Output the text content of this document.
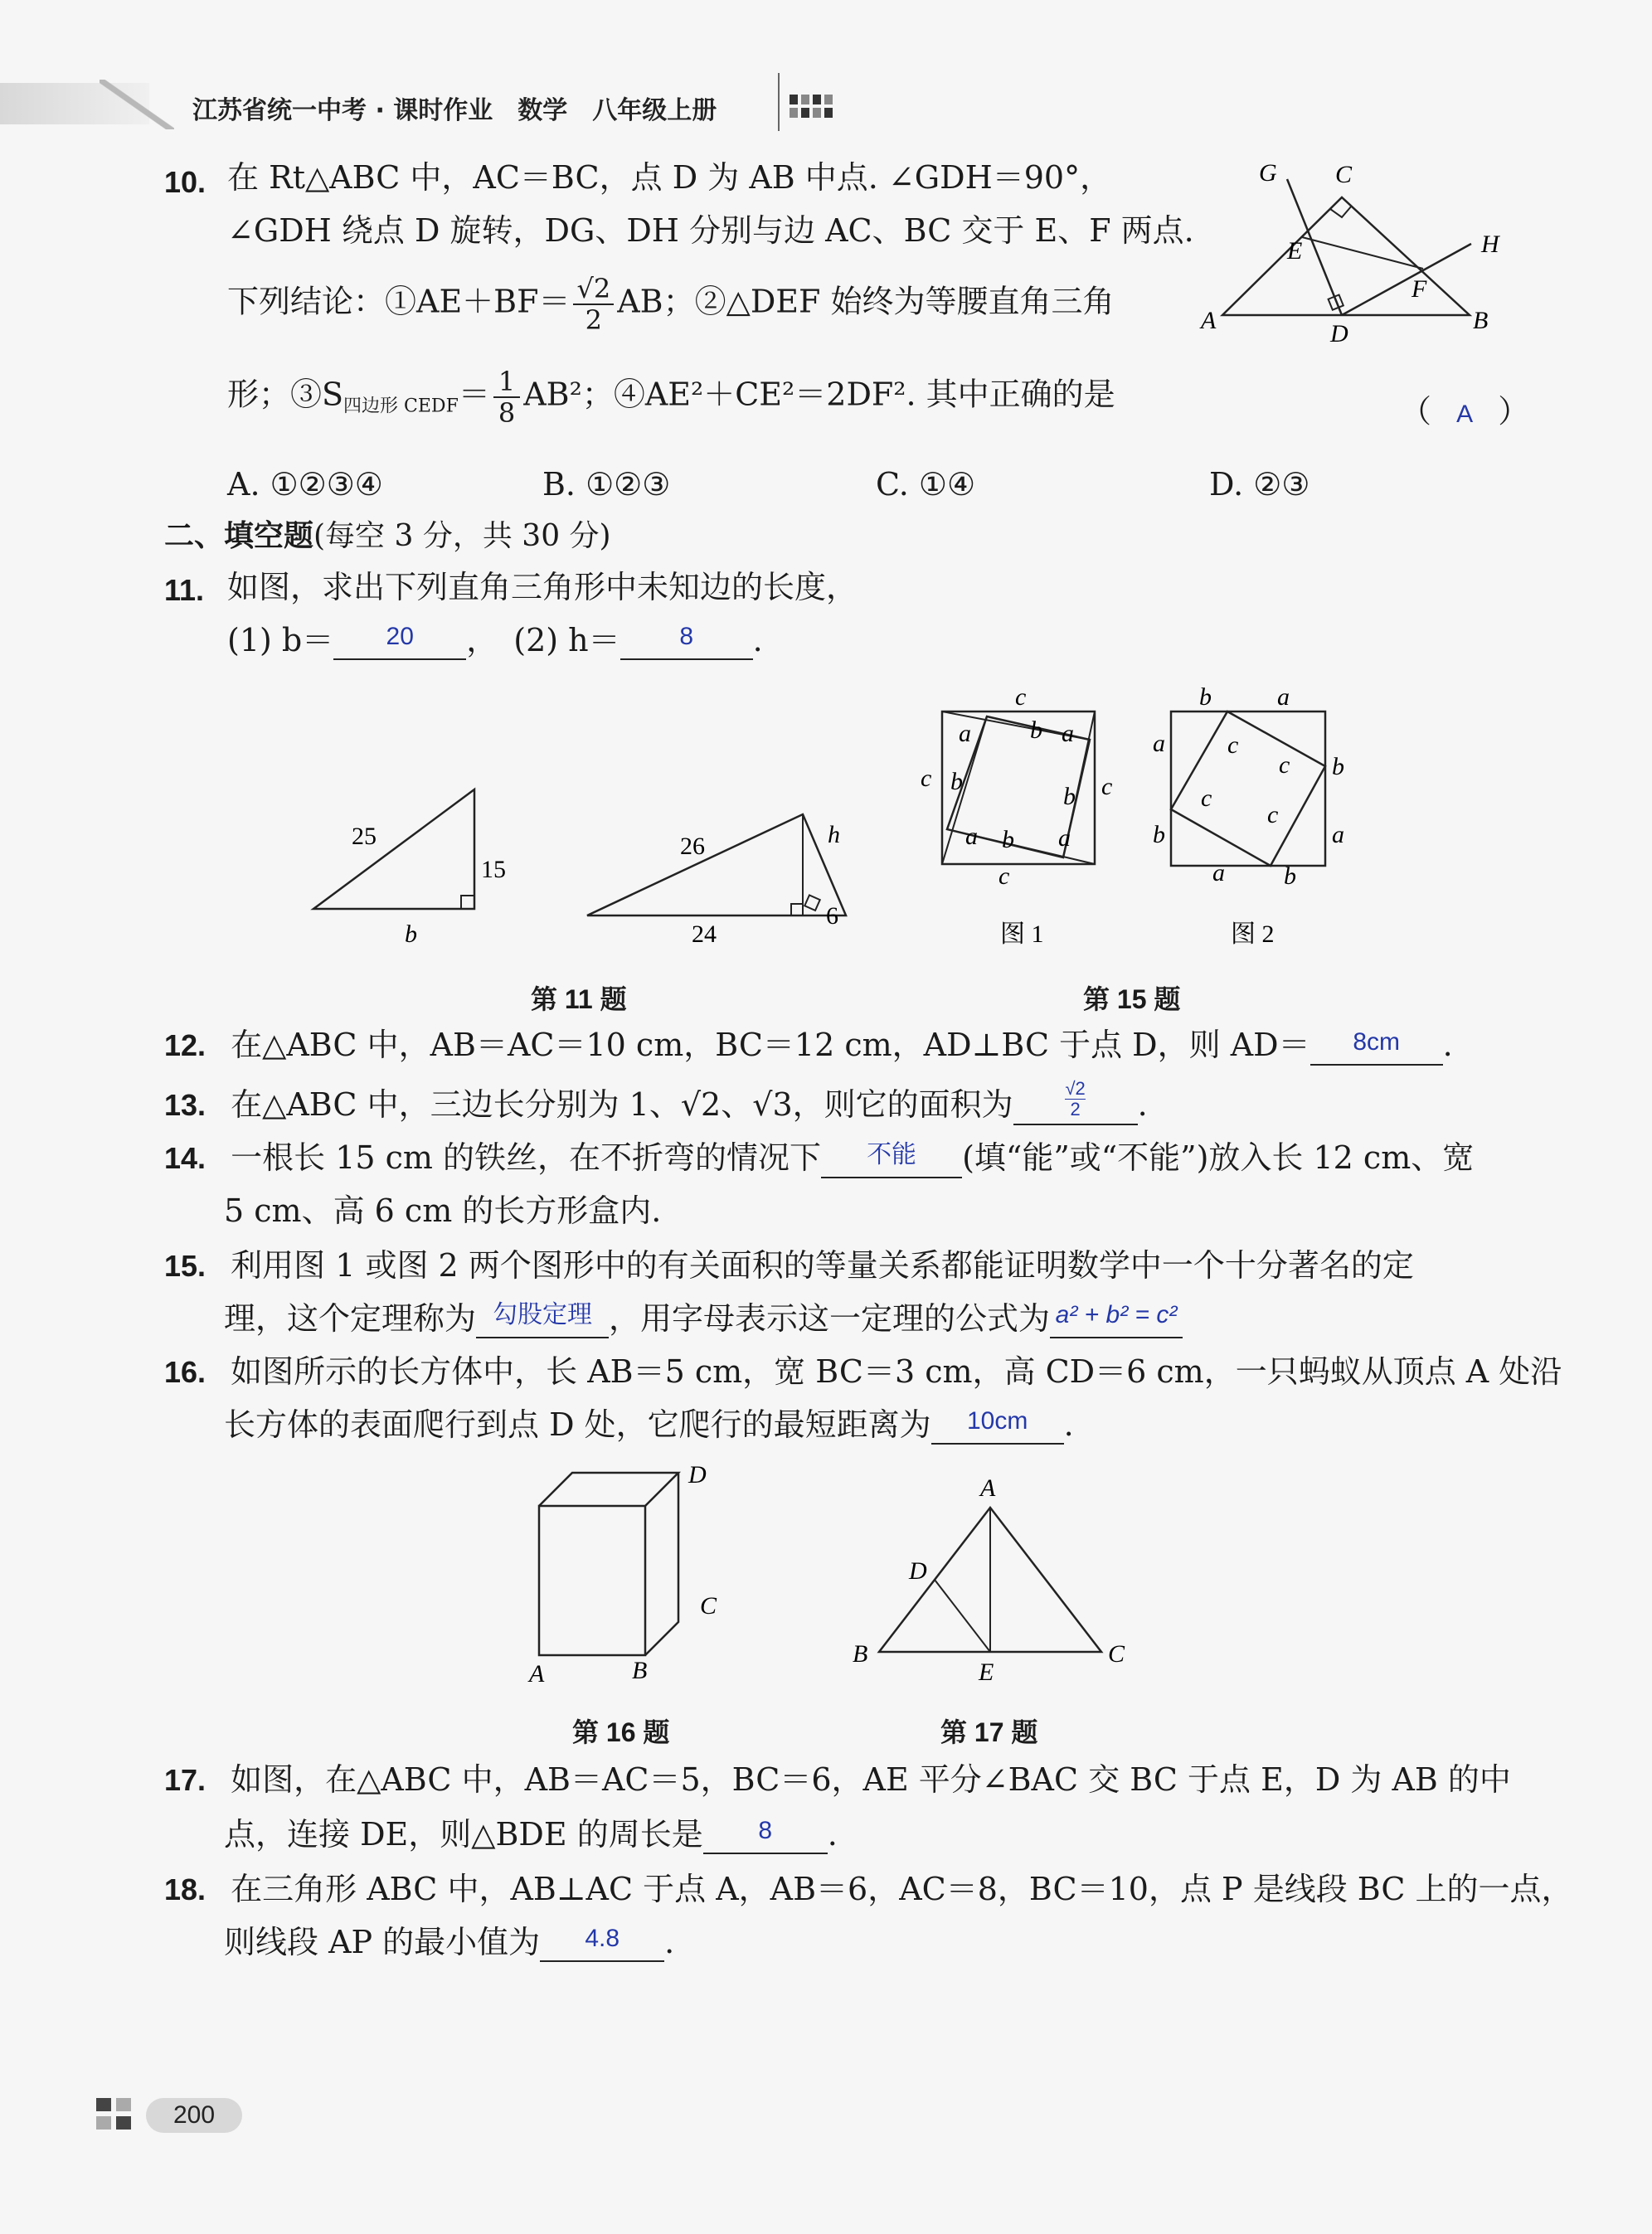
江苏省统一中考 · 课时作业　数学　八年级上册
10. 在 Rt△ABC 中，AC＝BC，点 D 为 AB 中点. ∠GDH＝90°，
∠GDH 绕点 D 旋转，DG、DH 分别与边 AC、BC 交于 E、F 两点.
下列结论：①AE＋BF＝ $\frac{√2}{2}$ AB；②△DEF 始终为等腰直角三角
形；$③S_{四边形 CEDF}= \frac{1}{8} AB^2$；④AE²＋CE²＝2DF². 其中正确的是	（ A ）
A. ①②③④	B. ①②③	C. ①④	D. ②③
G C
H
E
F
A	D	B
二、填空题(每空 3 分，共 30 分)
11. 如图，求出下列直角三角形中未知边的长度，
(1) b＝	20	，　 (2) h＝	8	.
25
15
b
26	h
6
24
第 11 题
c
c	c
c
a b a
b
b
a b a
图 1
b	a
a
b
b
a
b
a
c
c
c
c
图 2
第 15 题
12. 在△ABC 中，AB＝AC＝10 cm，BC＝12 cm，AD⊥BC 于点 D，则 AD＝	8cm	.
13. 在△ABC 中，三边长分别为 1、√2、√3，则它的面积为 $\frac{√2}{2}$ .
14. 一根长 15 cm 的铁丝，在不折弯的情况下	不能	(填“能”或“不能”)放入长 12 cm、宽
5 cm、高 6 cm 的长方形盒内.
15. 利用图 1 或图 2 两个图形中的有关面积的等量关系都能证明数学中一个十分著名的定
理，这个定理称为 勾股定理 ，用字母表示这一定理的公式为 a² + b² = c²
16. 如图所示的长方体中，长 AB＝5 cm，宽 BC＝3 cm，高 CD＝6 cm，一只蚂蚁从顶点 A 处沿
长方体的表面爬行到点 D 处，它爬行的最短距离为	10cm	.
D
C
A	B
第 16 题
A
D
B
E
C
第 17 题
17. 如图，在△ABC 中，AB＝AC＝5，BC＝6，AE 平分∠BAC 交 BC 于点 E，D 为 AB 的中
点，连接 DE，则△BDE 的周长是	8	.
18. 在三角形 ABC 中，AB⊥AC 于点 A，AB＝6，AC＝8，BC＝10，点 P 是线段 BC 上的一点，
则线段 AP 的最小值为	4.8	.
200
